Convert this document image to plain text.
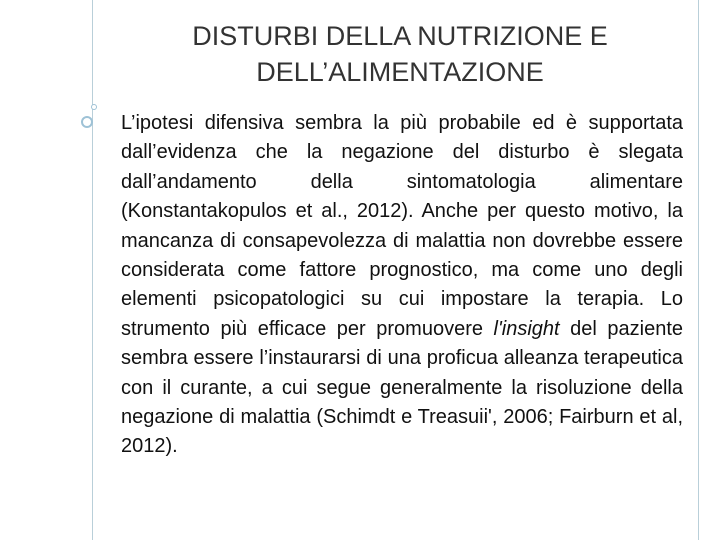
DISTURBI DELLA NUTRIZIONE E
DELL’ALIMENTAZIONE

L’ipotesi difensiva sembra la più probabile ed è supportata dall’evidenza che la negazione del disturbo è slegata dall’andamento della sintomatologia alimentare (Konstantakopulos et al., 2012). Anche per questo motivo, la mancanza di consapevolezza di malattia non dovrebbe essere considerata come fattore prognostico, ma come uno degli elementi psicopatologici su cui impostare la terapia. Lo strumento più efficace per promuovere l'insight del paziente sembra essere l’instaurarsi di una proficua alleanza terapeutica con il curante, a cui segue generalmente la risoluzione della negazione di malattia (Schimdt e Treasuii', 2006; Fairburn et al, 2012).
